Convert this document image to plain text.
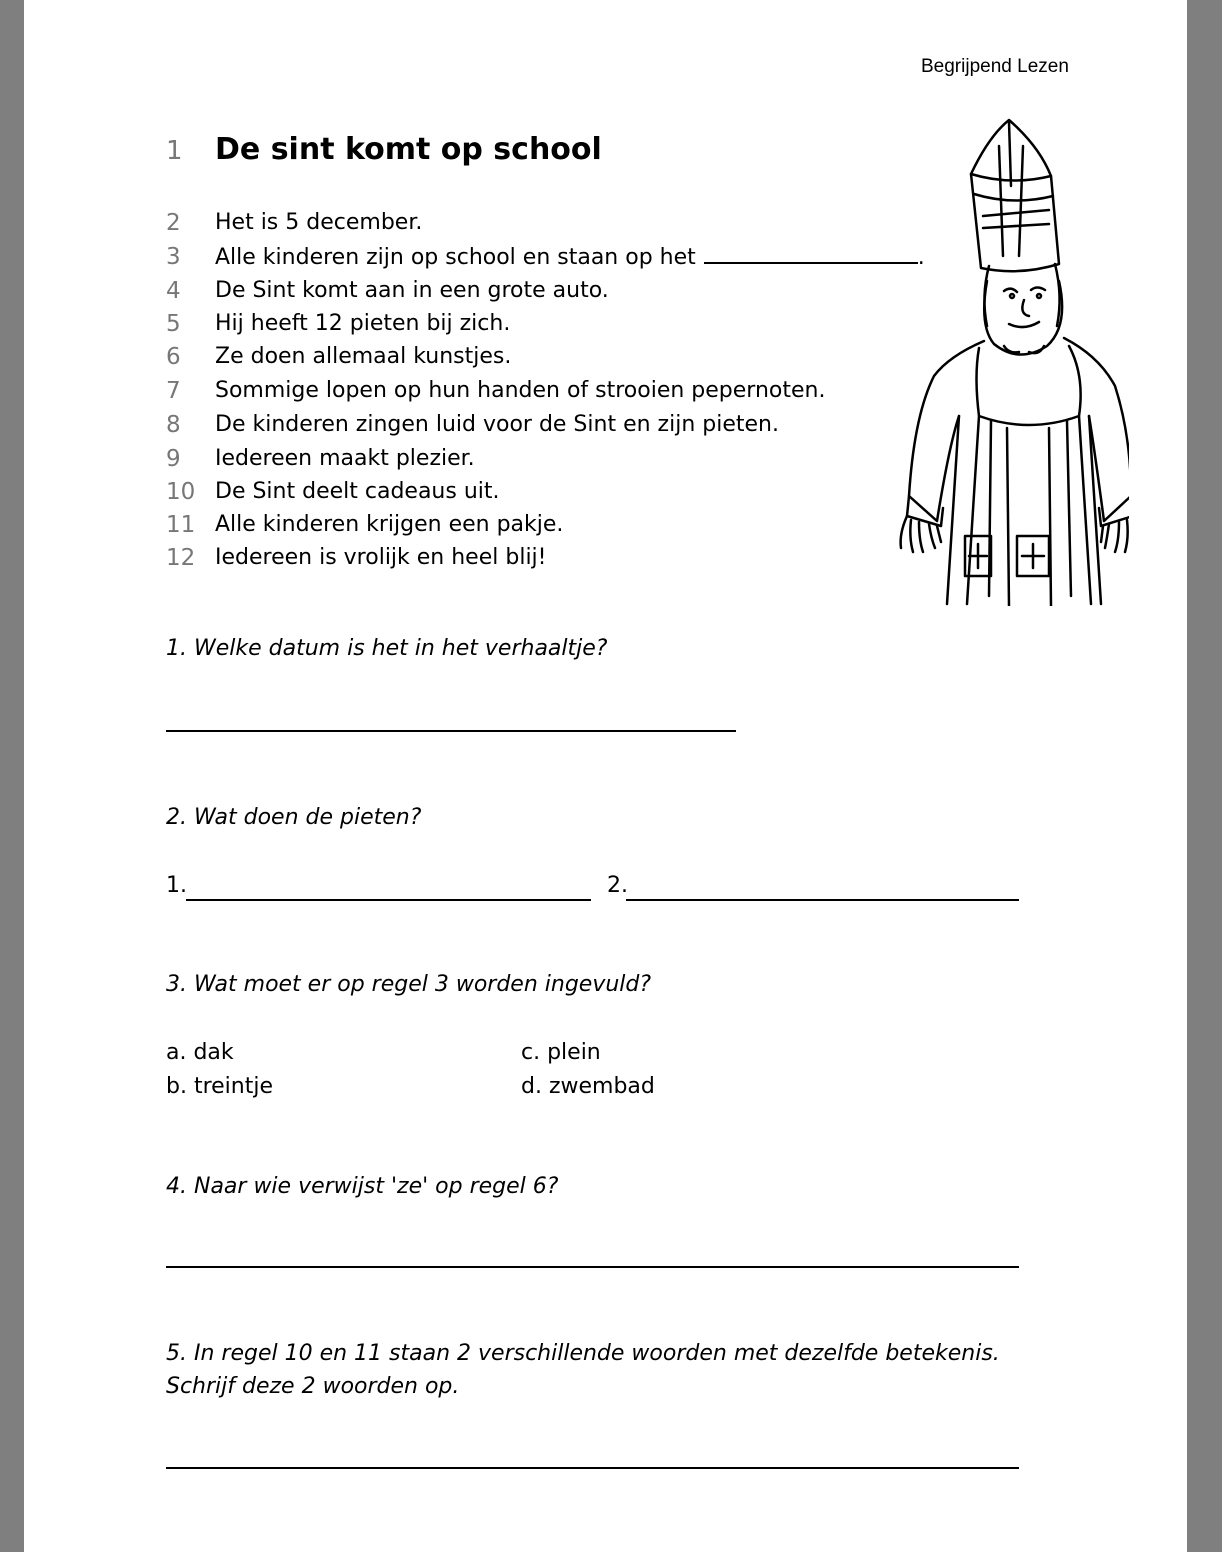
Begrijpend Lezen
1	De sint komt op school
2	Het is 5 december.
3	Alle kinderen zijn op school en staan op het	.
4	De Sint komt aan in een grote auto.
5	Hij heeft 12 pieten bij zich.
6	Ze doen allemaal kunstjes.
7	Sommige lopen op hun handen of strooien pepernoten.
8	De kinderen zingen luid voor de Sint en zijn pieten.
9	Iedereen maakt plezier.
10 De Sint deelt cadeaus uit.
11 Alle kinderen krijgen een pakje.
12 Iedereen is vrolijk en heel blij!
1. Welke datum is het in het verhaaltje?
2. Wat doen de pieten?
1.	2.
3. Wat moet er op regel 3 worden ingevuld?
a. dak
b. treintje
c. plein
d. zwembad
4. Naar wie verwijst 'ze' op regel 6?
5. In regel 10 en 11 staan 2 verschillende woorden met dezelfde betekenis.
Schrijf deze 2 woorden op.
